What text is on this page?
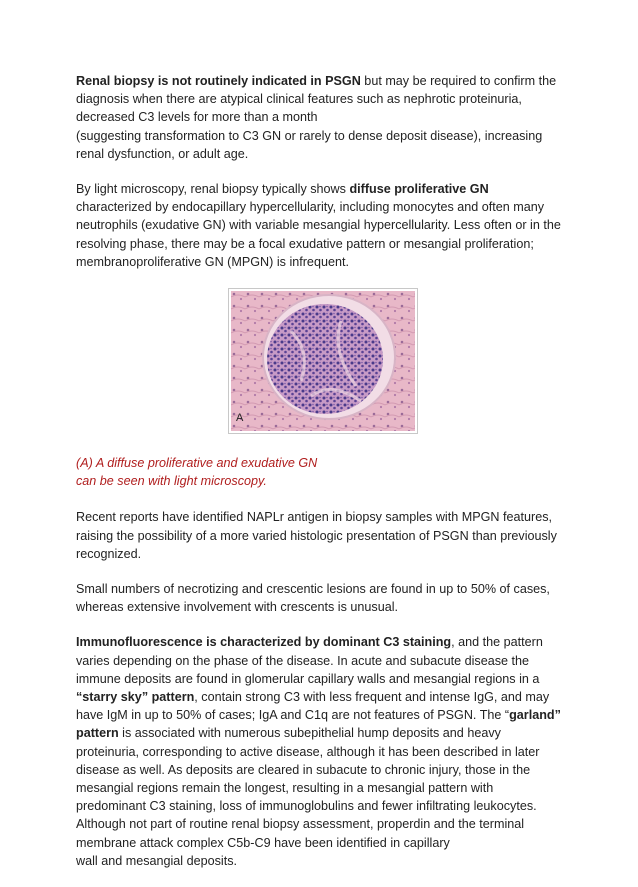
Renal biopsy is not routinely indicated in PSGN but may be required to confirm the diagnosis when there are atypical clinical features such as nephrotic proteinuria, decreased C3 levels for more than a month
(suggesting transformation to C3 GN or rarely to dense deposit disease), increasing renal dysfunction, or adult age.

By light microscopy, renal biopsy typically shows diffuse proliferative GN characterized by endocapillary hypercellularity, including monocytes and often many neutrophils (exudative GN) with variable mesangial hypercellularity. Less often or in the resolving phase, there may be a focal exudative pattern or mesangial proliferation; membranoproliferative GN (MPGN) is infrequent.

A

(A) A diffuse proliferative and exudative GN
can be seen with light microscopy.

Recent reports have identified NAPLr antigen in biopsy samples with MPGN features, raising the possibility of a more varied histologic presentation of PSGN than previously recognized.

Small numbers of necrotizing and crescentic lesions are found in up to 50% of cases, whereas extensive involvement with crescents is unusual.

Immunofluorescence is characterized by dominant C3 staining, and the pattern varies depending on the phase of the disease. In acute and subacute disease the immune deposits are found in glomerular capillary walls and mesangial regions in a “starry sky” pattern, contain strong C3 with less frequent and intense IgG, and may have IgM in up to 50% of cases; IgA and C1q are not features of PSGN. The “garland” pattern is associated with numerous subepithelial hump deposits and heavy proteinuria, corresponding to active disease, although it has been described in later disease as well. As deposits are cleared in subacute to chronic injury, those in the mesangial regions remain the longest, resulting in a mesangial pattern with predominant C3 staining, loss of immunoglobulins and fewer infiltrating leukocytes. Although not part of routine renal biopsy assessment, properdin and the terminal membrane attack complex C5b-C9 have been identified in capillary
wall and mesangial deposits.
